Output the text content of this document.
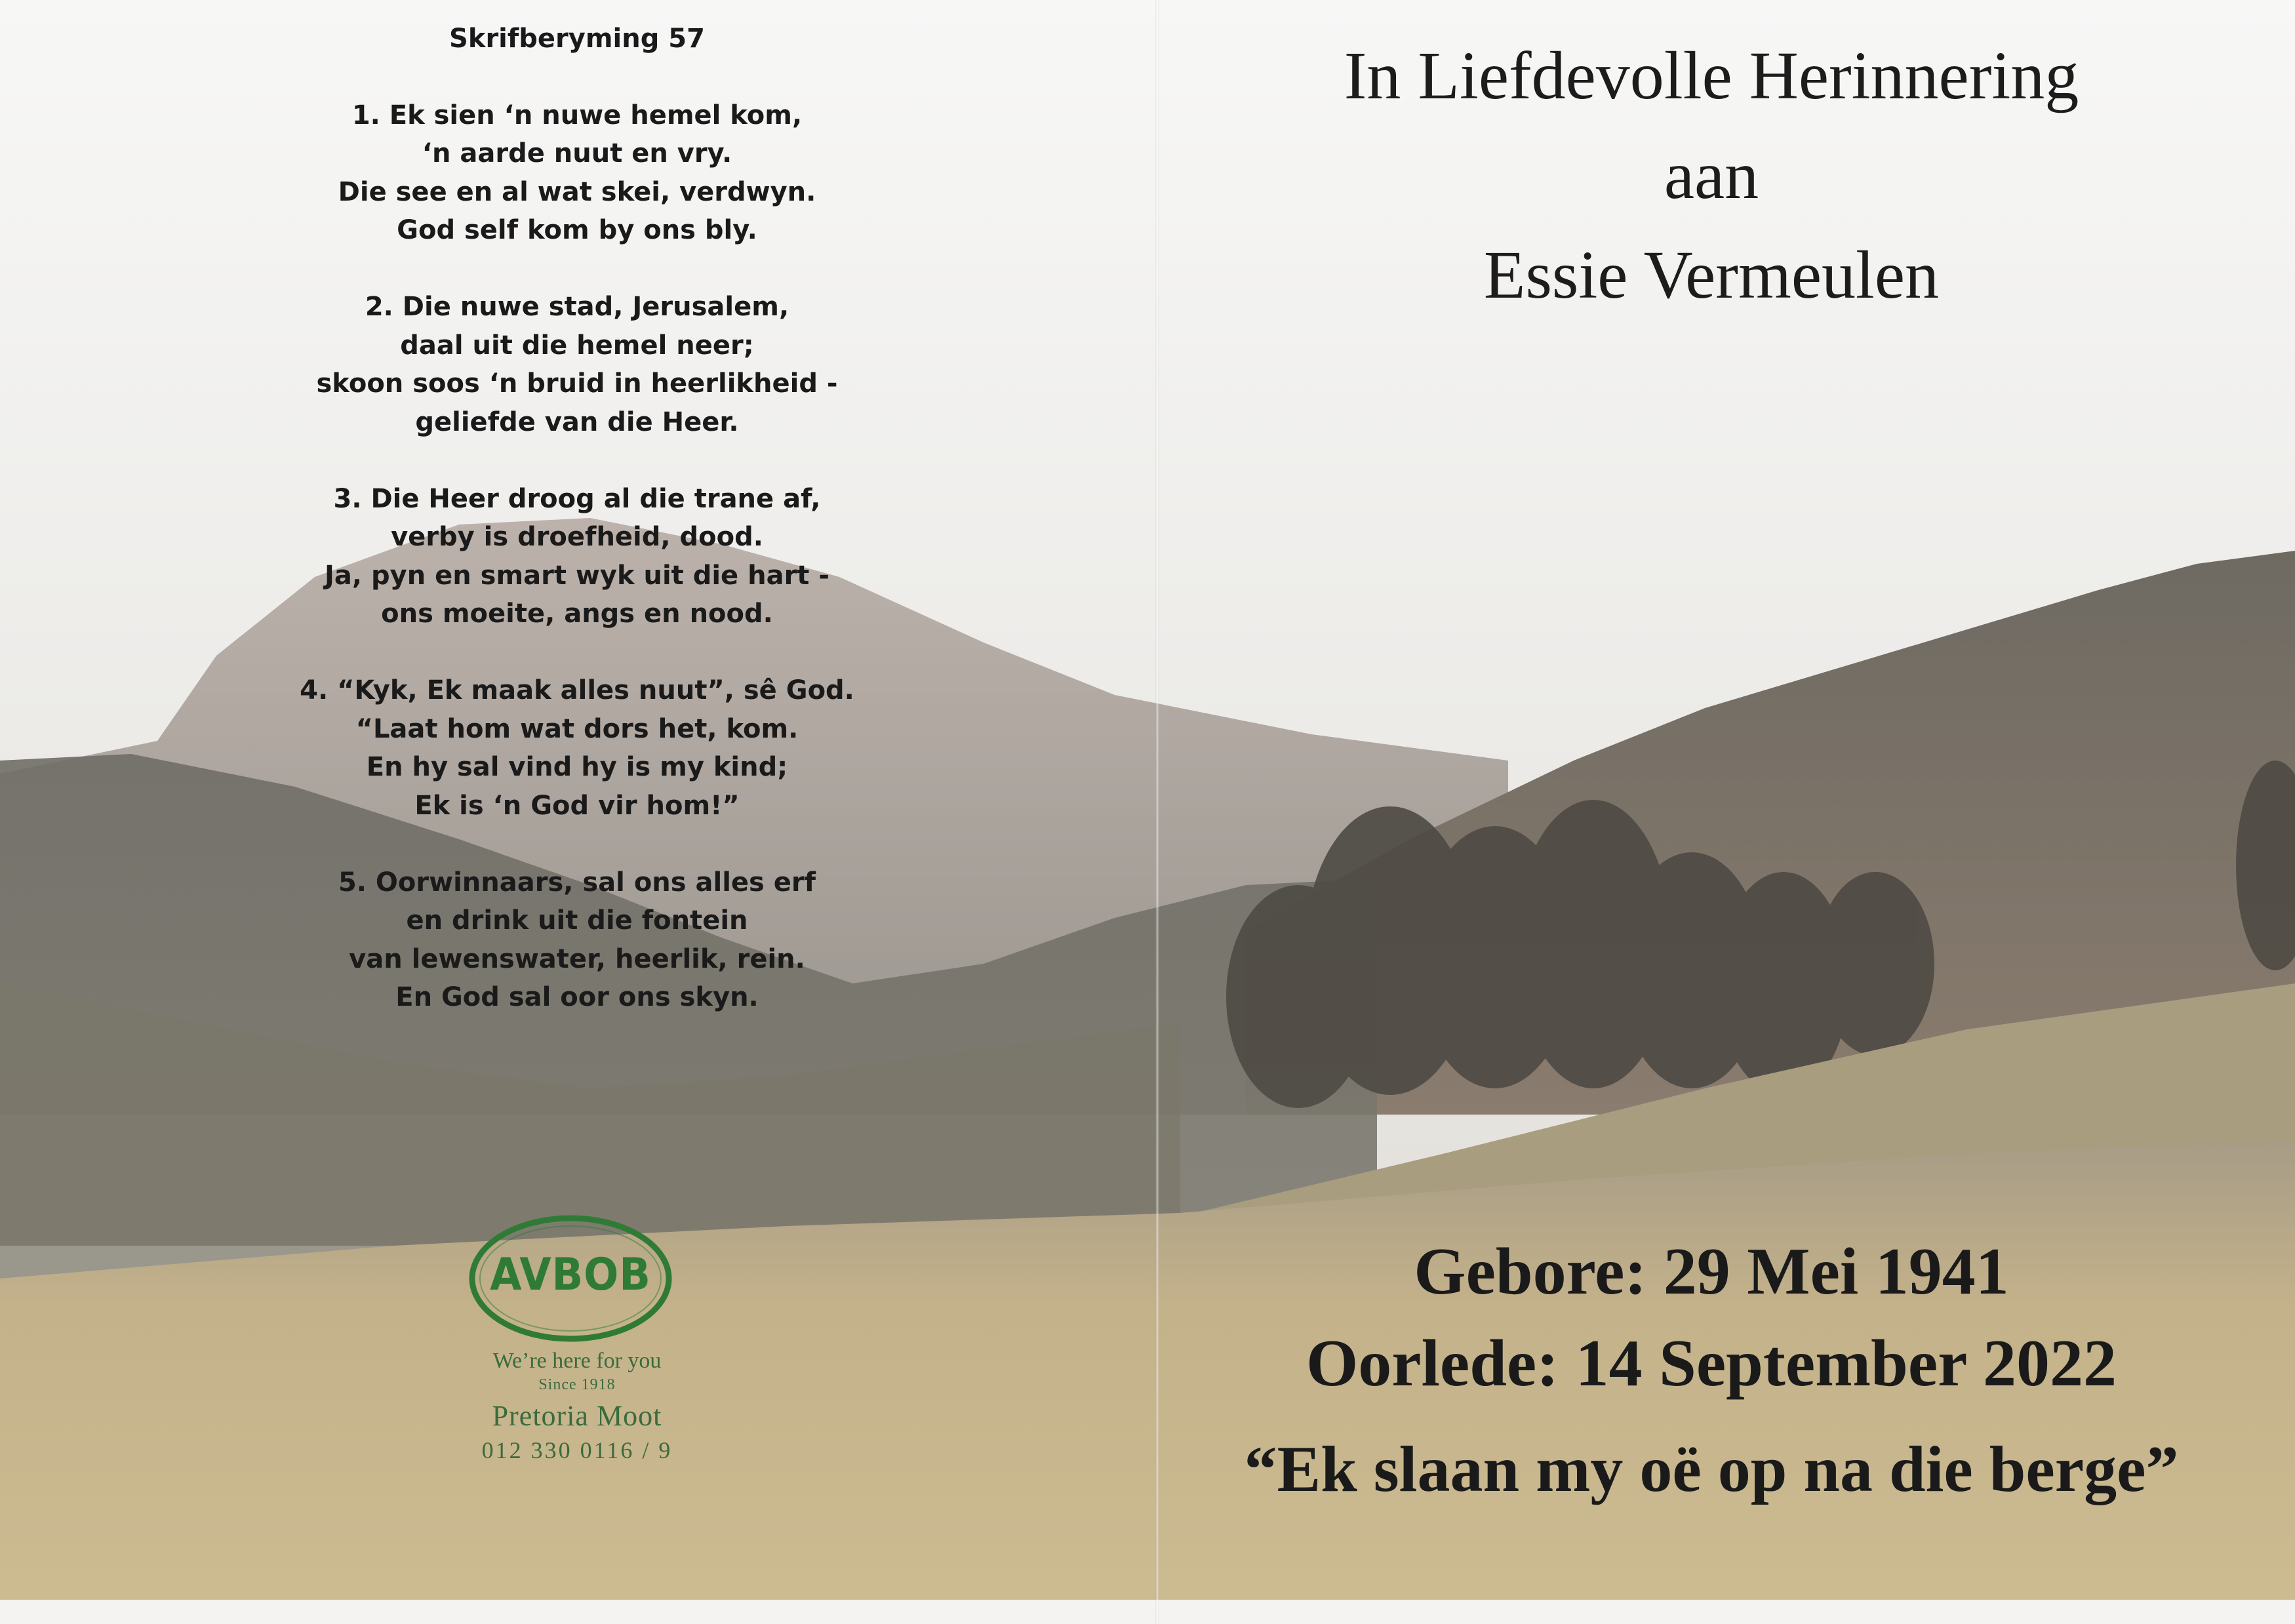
Skrifberyming 57
1. Ek sien ‘n nuwe hemel kom,
‘n aarde nuut en vry.
Die see en al wat skei, verdwyn.
God self kom by ons bly.
2. Die nuwe stad, Jerusalem,
daal uit die hemel neer;
skoon soos ‘n bruid in heerlikheid -
geliefde van die Heer.
3. Die Heer droog al die trane af,
verby is droefheid, dood.
Ja, pyn en smart wyk uit die hart -
ons moeite, angs en nood.
4. “Kyk, Ek maak alles nuut”, sê God.
“Laat hom wat dors het, kom.
En hy sal vind hy is my kind;
Ek is ‘n God vir hom!”
5. Oorwinnaars, sal ons alles erf
en drink uit die fontein
van lewenswater, heerlik, rein.
En God sal oor ons skyn.
AVBOB
We’re here for you
Since 1918
Pretoria Moot
012 330 0116 / 9
In Liefdevolle Herinnering
aan
Essie Vermeulen
Gebore: 29 Mei 1941
Oorlede: 14 September 2022
“Ek slaan my oë op na die berge”
